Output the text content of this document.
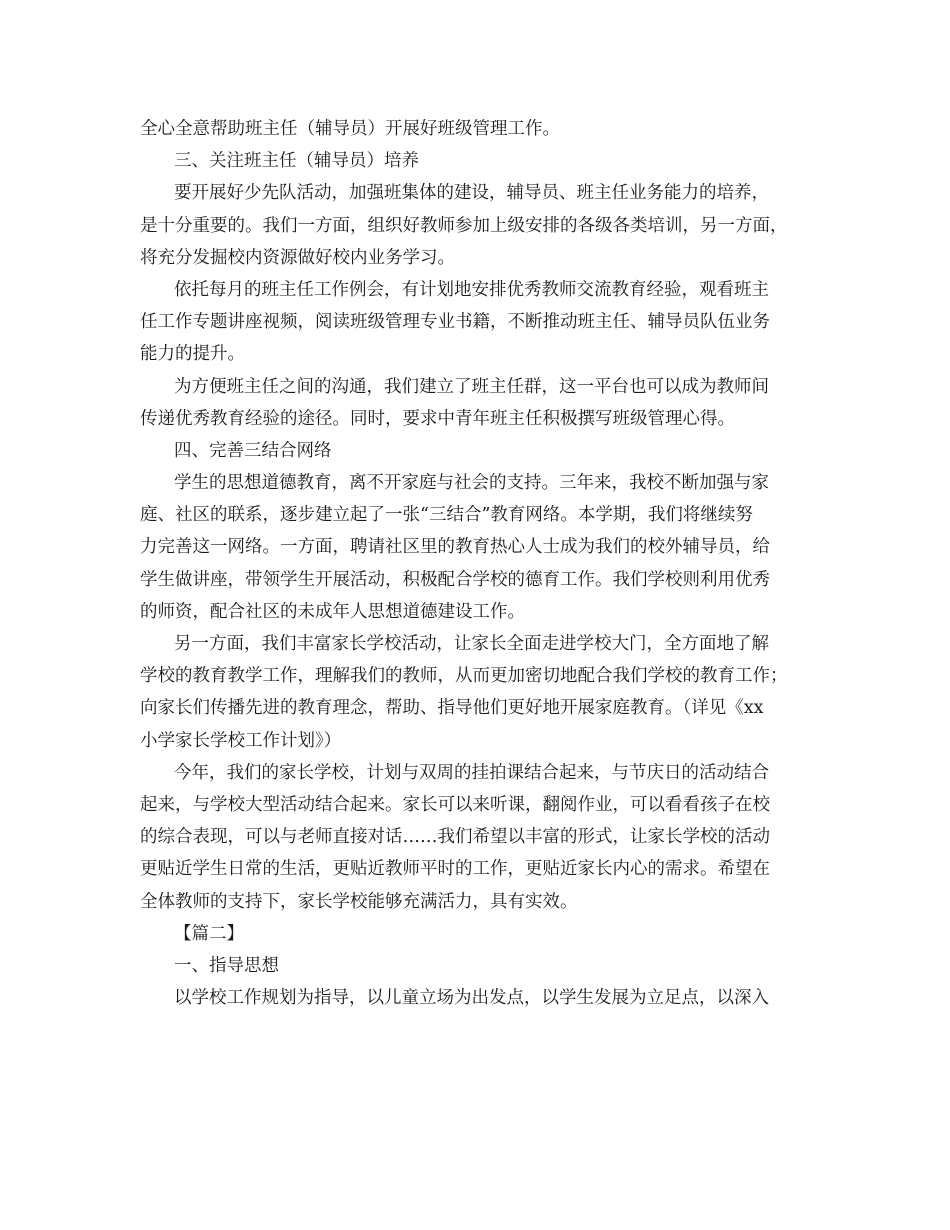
全心全意帮助班主任（辅导员）开展好班级管理工作。
三、关注班主任（辅导员）培养
要开展好少先队活动，加强班集体的建设，辅导员、班主任业务能力的培养，
是十分重要的。我们一方面，组织好教师参加上级安排的各级各类培训，另一方面，
将充分发掘校内资源做好校内业务学习。
依托每月的班主任工作例会，有计划地安排优秀教师交流教育经验，观看班主
任工作专题讲座视频，阅读班级管理专业书籍，不断推动班主任、辅导员队伍业务
能力的提升。
为方便班主任之间的沟通，我们建立了班主任群，这一平台也可以成为教师间
传递优秀教育经验的途径。同时，要求中青年班主任积极撰写班级管理心得。
四、完善三结合网络
学生的思想道德教育，离不开家庭与社会的支持。三年来，我校不断加强与家
庭、社区的联系，逐步建立起了一张“三结合”教育网络。本学期，我们将继续努
力完善这一网络。一方面，聘请社区里的教育热心人士成为我们的校外辅导员，给
学生做讲座，带领学生开展活动，积极配合学校的德育工作。我们学校则利用优秀
的师资，配合社区的未成年人思想道德建设工作。
另一方面，我们丰富家长学校活动，让家长全面走进学校大门，全方面地了解
学校的教育教学工作，理解我们的教师，从而更加密切地配合我们学校的教育工作；
向家长们传播先进的教育理念，帮助、指导他们更好地开展家庭教育。（详见《xx
小学家长学校工作计划》）
今年，我们的家长学校，计划与双周的挂拍课结合起来，与节庆日的活动结合
起来，与学校大型活动结合起来。家长可以来听课，翻阅作业，可以看看孩子在校
的综合表现，可以与老师直接对话……我们希望以丰富的形式，让家长学校的活动
更贴近学生日常的生活，更贴近教师平时的工作，更贴近家长内心的需求。希望在
全体教师的支持下，家长学校能够充满活力，具有实效。
【篇二】
一、指导思想
以学校工作规划为指导，以儿童立场为出发点，以学生发展为立足点，以深入
